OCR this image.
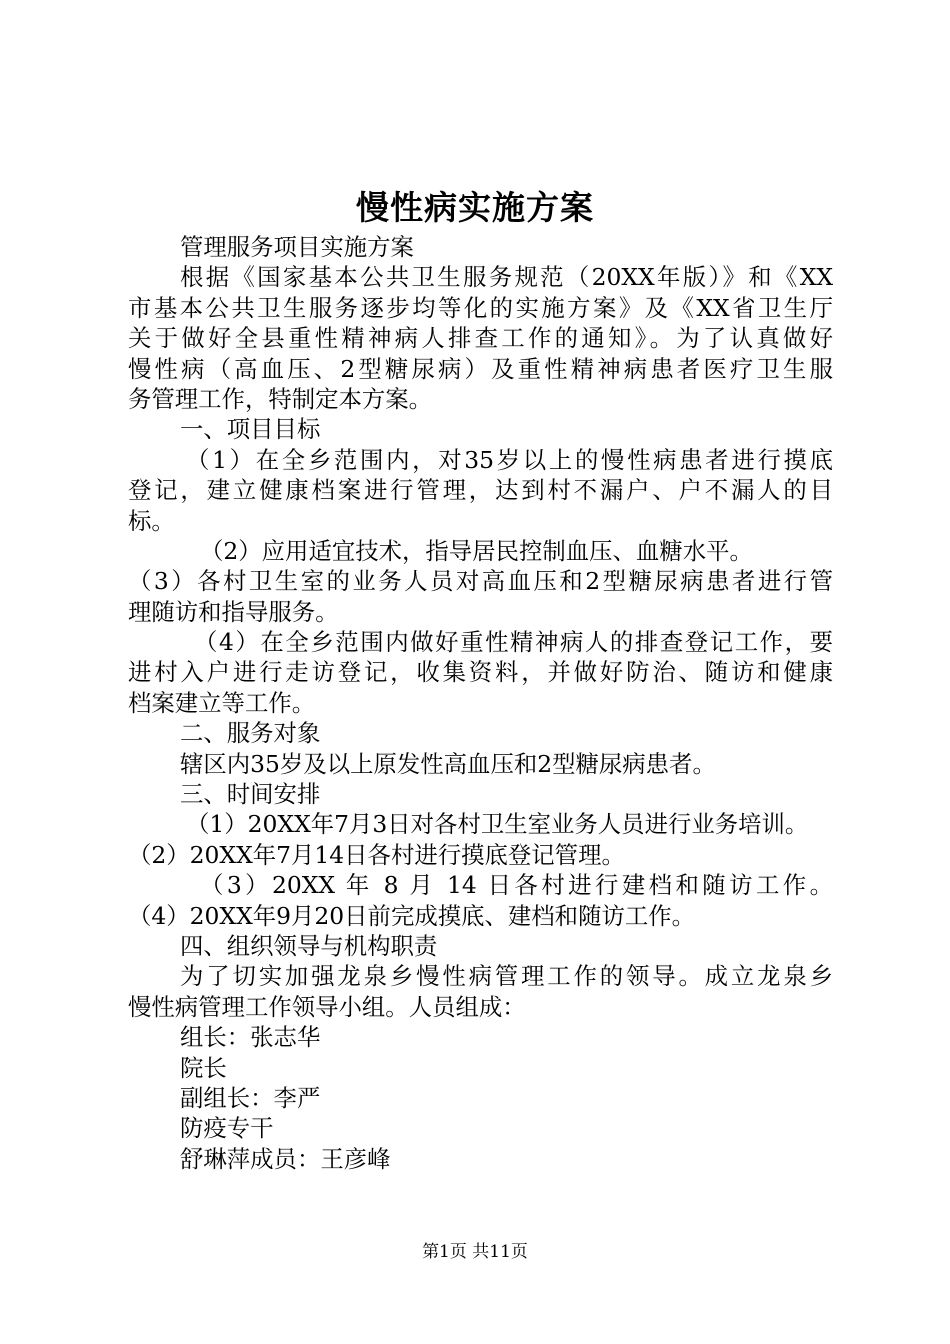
慢性病实施方案
管理服务项目实施方案
根据《国家基本公共卫生服务规范（20XX年版）》和《XX
市基本公共卫生服务逐步均等化的实施方案》及《XX省卫生厅
关于做好全县重性精神病人排查工作的通知》。为了认真做好
慢性病（高血压、2型糖尿病）及重性精神病患者医疗卫生服
务管理工作，特制定本方案。
一、项目目标
（1）在全乡范围内，对35岁以上的慢性病患者进行摸底
登记，建立健康档案进行管理，达到村不漏户、户不漏人的目
标。
（2）应用适宜技术，指导居民控制血压、血糖水平。
（3）各村卫生室的业务人员对高血压和2型糖尿病患者进行管
理随访和指导服务。
（4）在全乡范围内做好重性精神病人的排查登记工作，要
进村入户进行走访登记，收集资料，并做好防治、随访和健康
档案建立等工作。
二、服务对象
辖区内35岁及以上原发性高血压和2型糖尿病患者。
三、时间安排
（1）20XX年7月3日对各村卫生室业务人员进行业务培训。
（2）20XX年7月14日各村进行摸底登记管理。
（3）20XX 年 8 月 14 日各村进行建档和随访工作。
（4）20XX年9月20日前完成摸底、建档和随访工作。
四、组织领导与机构职责
为了切实加强龙泉乡慢性病管理工作的领导。成立龙泉乡
慢性病管理工作领导小组。人员组成：
组长：张志华
院长
副组长：李严
防疫专干
舒琳萍成员：王彦峰
第1页 共11页
